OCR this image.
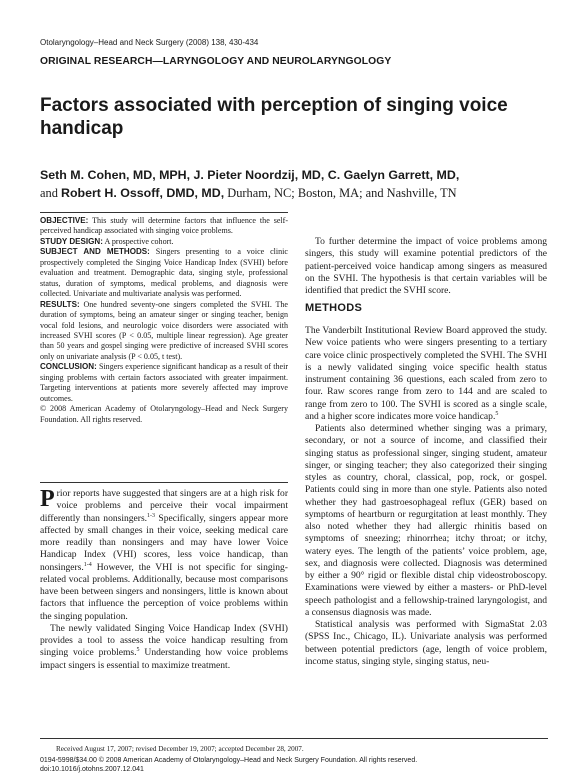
Otolaryngology–Head and Neck Surgery (2008) 138, 430-434
ORIGINAL RESEARCH—LARYNGOLOGY AND NEUROLARYNGOLOGY
Factors associated with perception of singing voice handicap
Seth M. Cohen, MD, MPH, J. Pieter Noordzij, MD, C. Gaelyn Garrett, MD,
and Robert H. Ossoff, DMD, MD, Durham, NC; Boston, MA; and Nashville, TN

OBJECTIVE: This study will determine factors that influence the self-perceived handicap associated with singing voice problems.

STUDY DESIGN: A prospective cohort.

SUBJECT AND METHODS: Singers presenting to a voice clinic prospectively completed the Singing Voice Handicap Index (SVHI) before evaluation and treatment. Demographic data, singing style, professional status, duration of symptoms, medical problems, and diagnosis were collected. Univariate and multivariate analysis was performed.

RESULTS: One hundred seventy-one singers completed the SVHI. The duration of symptoms, being an amateur singer or singing teacher, benign vocal fold lesions, and neurologic voice disorders were associated with increased SVHI scores (P < 0.05, multiple linear regression). Age greater than 50 years and gospel singing were predictive of increased SVHI scores only on univariate analysis (P < 0.05, t test).

CONCLUSION: Singers experience significant handicap as a result of their singing problems with certain factors associated with greater impairment. Targeting interventions at patients more severely affected may improve outcomes.

© 2008 American Academy of Otolaryngology–Head and Neck Surgery Foundation. All rights reserved.

Prior reports have suggested that singers are at a high risk for voice problems and perceive their vocal impairment differently than nonsingers.$^{1-3}$ Specifically, singers appear more affected by small changes in their voice, seeking medical care more readily than nonsingers and may have lower Voice Handicap Index (VHI) scores, less voice handicap, than nonsingers.$^{1-4}$ However, the VHI is not specific for singing-related vocal problems. Additionally, because most comparisons have been between singers and nonsingers, little is known about factors that influence the perception of voice problems within the singing population.

The newly validated Singing Voice Handicap Index (SVHI) provides a tool to assess the voice handicap resulting from singing voice problems.$^5$ Understanding how voice problems impact singers is essential to maximize treatment.

To further determine the impact of voice problems among singers, this study will examine potential predictors of the patient-perceived voice handicap among singers as measured on the SVHI. The hypothesis is that certain variables will be identified that predict the SVHI score.

METHODS

The Vanderbilt Institutional Review Board approved the study. New voice patients who were singers presenting to a tertiary care voice clinic prospectively completed the SVHI. The SVHI is a newly validated singing voice specific health status instrument containing 36 questions, each scaled from zero to four. Raw scores range from zero to 144 and are scaled to range from zero to 100. The SVHI is scored as a single scale, and a higher score indicates more voice handicap.$^5$

Patients also determined whether singing was a primary, secondary, or not a source of income, and classified their singing status as professional singer, singing student, amateur singer, or singing teacher; they also categorized their singing styles as country, choral, classical, pop, rock, or gospel. Patients could sing in more than one style. Patients also noted whether they had gastroesophageal reflux (GER) based on symptoms of heartburn or regurgitation at least monthly. They also noted whether they had allergic rhinitis based on symptoms of sneezing; rhinorrhea; itchy throat; or itchy, watery eyes. The length of the patients’ voice problem, age, sex, and diagnosis were collected. Diagnosis was determined by either a 90° rigid or flexible distal chip videostroboscopy. Examinations were viewed by either a masters- or PhD-level speech pathologist and a fellowship-trained laryngologist, and a consensus diagnosis was made.

Statistical analysis was performed with SigmaStat 2.03 (SPSS Inc., Chicago, IL). Univariate analysis was performed between potential predictors (age, length of voice problem, income status, singing style, singing status, neu-

Received August 17, 2007; revised December 19, 2007; accepted December 28, 2007.
0194-5998/$34.00 © 2008 American Academy of Otolaryngology–Head and Neck Surgery Foundation. All rights reserved.
doi:10.1016/j.otohns.2007.12.041
